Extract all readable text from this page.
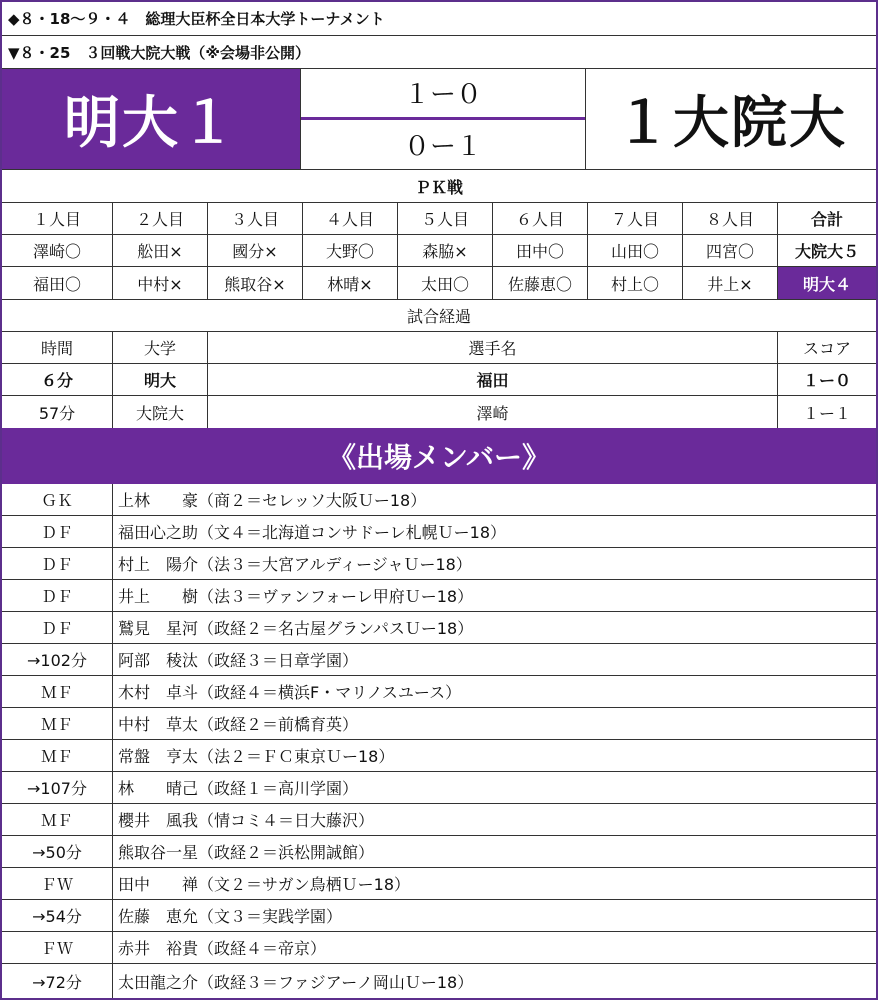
◆８・18～９・４　総理大臣杯全日本大学トーナメント
▼８・25　３回戦大院大戦（※会場非公開）
明大１	１ー０
０ー１	１大院大
ＰＫ戦
１人目	２人目	３人目	４人目	５人目	６人目	７人目	８人目	合計
澤崎〇	舩田×	國分×	大野〇	森脇×	田中〇	山田〇	四宮〇	大院大５
福田〇	中村×	熊取谷×	林晴×	太田〇	佐藤恵〇	村上〇	井上×	明大４
試合経過
時間	大学	選手名	スコア
６分	明大	福田	１ー０
57分	大院大	澤崎	１ー１
《出場メンバー》
ＧＫ	上林　　豪（商２＝セレッソ大阪Ｕー18）
ＤＦ	福田心之助（文４＝北海道コンサドーレ札幌Ｕー18）
ＤＦ	村上　陽介（法３＝大宮アルディージャＵー18）
ＤＦ	井上　　樹（法３＝ヴァンフォーレ甲府Ｕー18）
ＤＦ	鷲見　星河（政経２＝名古屋グランパスＵー18）
→102分	阿部　稜汰（政経３＝日章学園）
ＭＦ	木村　卓斗（政経４＝横浜F・マリノスユース）
ＭＦ	中村　草太（政経２＝前橋育英）
ＭＦ	常盤　亨太（法２＝ＦＣ東京Ｕー18）
→107分	林　　晴己（政経１＝高川学園）
ＭＦ	櫻井　風我（情コミ４＝日大藤沢）
→50分	熊取谷一星（政経２＝浜松開誠館）
ＦＷ	田中　　禅（文２＝サガン鳥栖Ｕー18）
→54分	佐藤　恵允（文３＝実践学園）
ＦＷ	赤井　裕貴（政経４＝帝京）
→72分	太田龍之介（政経３＝ファジアーノ岡山Ｕー18）
